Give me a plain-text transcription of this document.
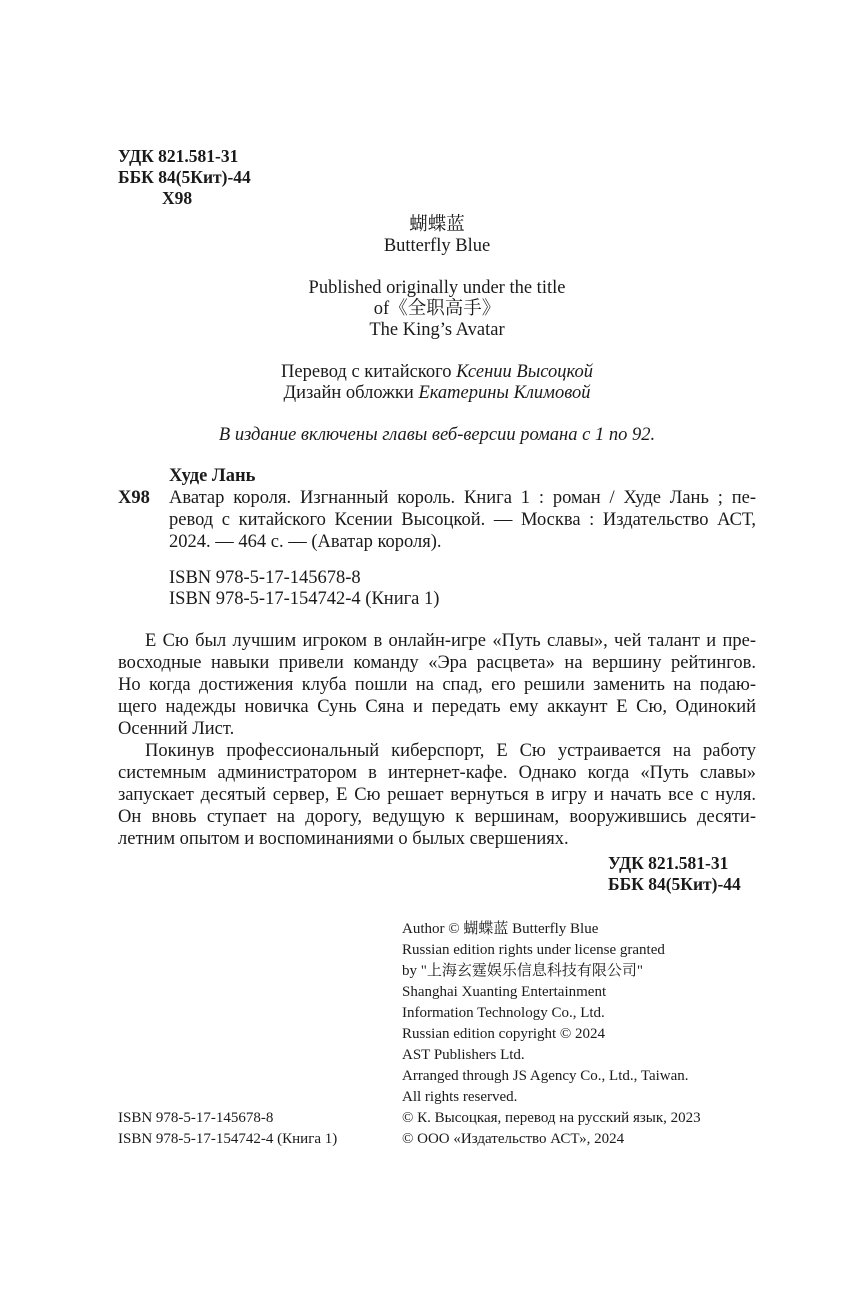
УДК 821.581-31
ББК 84(5Кит)-44
Х98
蝴蝶蓝
Butterfly Blue
Published originally under the title
of《全职高手》
The King’s Avatar
Перевод с китайского Ксении Высоцкой
Дизайн обложки Екатерины Климовой
В издание включены главы веб-версии романа с 1 по 92.
Худе Лань
Х98 Аватар короля. Изгнанный король. Книга 1 : роман / Худе Лань ; пе-
ревод с китайского Ксении Высоцкой. — Москва : Издательство АСТ,
2024. — 464 с. — (Аватар короля).
ISBN 978-5-17-145678-8
ISBN 978-5-17-154742-4 (Книга 1)
Е Сю был лучшим игроком в онлайн-игре «Путь славы», чей талант и пре-
восходные навыки привели команду «Эра расцвета» на вершину рейтингов.
Но когда достижения клуба пошли на спад, его решили заменить на подаю-
щего надежды новичка Сунь Сяна и передать ему аккаунт Е Сю, Одинокий
Осенний Лист.
Покинув профессиональный киберспорт, Е Сю устраивается на работу
системным администратором в интернет-кафе. Однако когда «Путь славы»
запускает десятый сервер, Е Сю решает вернуться в игру и начать все с нуля.
Он вновь ступает на дорогу, ведущую к вершинам, вооружившись десяти-
летним опытом и воспоминаниями о былых свершениях.
УДК 821.581-31
ББК 84(5Кит)-44
Author © 蝴蝶蓝 Butterfly Blue
Russian edition rights under license granted
by "上海玄霆娱乐信息科技有限公司"
Shanghai Xuanting Entertainment
Information Technology Co., Ltd.
Russian edition copyright © 2024
AST Publishers Ltd.
Arranged through JS Agency Co., Ltd., Taiwan.
All rights reserved.
© К. Высоцкая, перевод на русский язык, 2023
© ООО «Издательство АСТ», 2024
ISBN 978-5-17-145678-8
ISBN 978-5-17-154742-4 (Книга 1)
